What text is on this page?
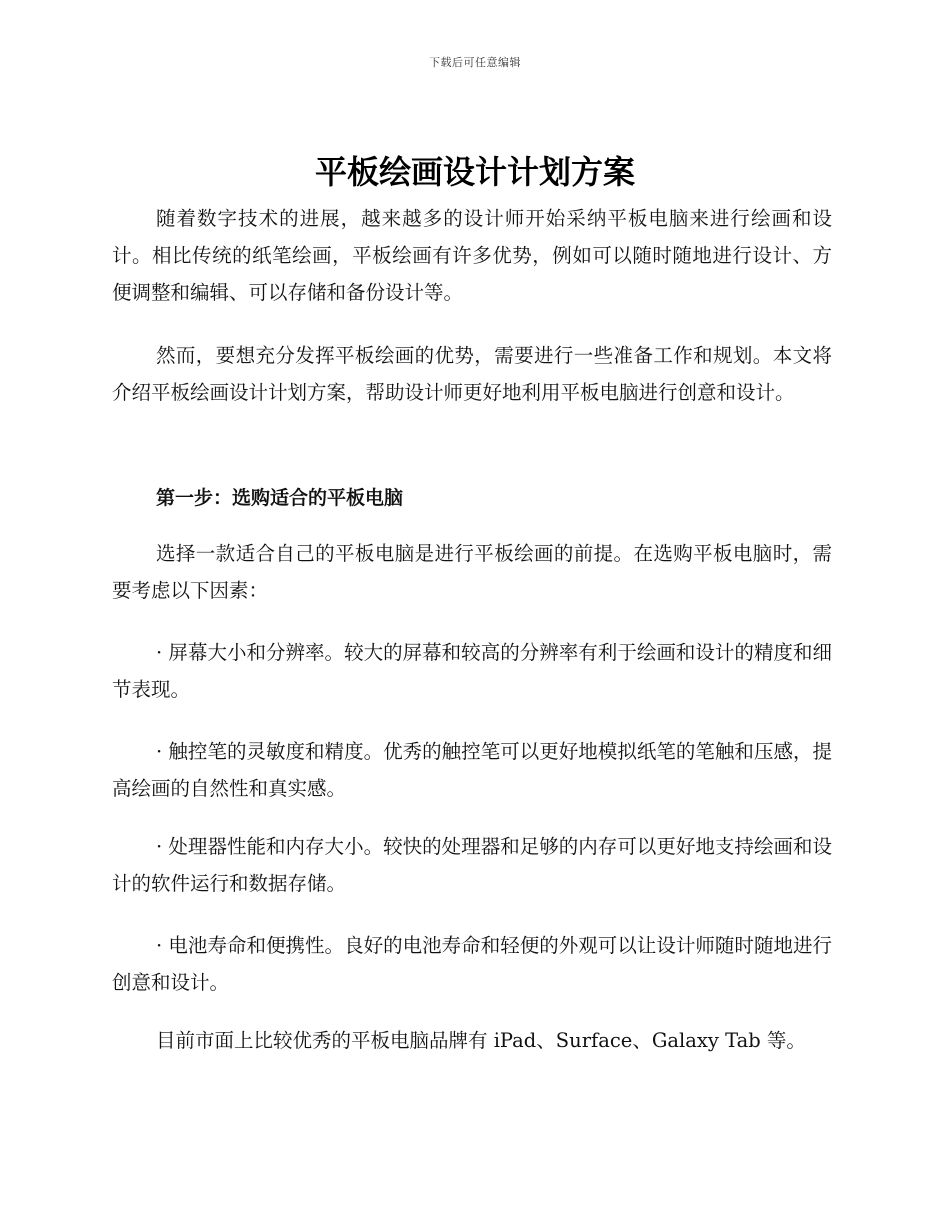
下载后可任意编辑
平板绘画设计计划方案

随着数字技术的进展，越来越多的设计师开始采纳平板电脑来进行绘画和设计。相比传统的纸笔绘画，平板绘画有许多优势，例如可以随时随地进行设计、方便调整和编辑、可以存储和备份设计等。

然而，要想充分发挥平板绘画的优势，需要进行一些准备工作和规划。本文将介绍平板绘画设计计划方案，帮助设计师更好地利用平板电脑进行创意和设计。

第一步：选购适合的平板电脑

选择一款适合自己的平板电脑是进行平板绘画的前提。在选购平板电脑时，需要考虑以下因素：

· 屏幕大小和分辨率。较大的屏幕和较高的分辨率有利于绘画和设计的精度和细节表现。

· 触控笔的灵敏度和精度。优秀的触控笔可以更好地模拟纸笔的笔触和压感，提高绘画的自然性和真实感。

· 处理器性能和内存大小。较快的处理器和足够的内存可以更好地支持绘画和设计的软件运行和数据存储。

· 电池寿命和便携性。良好的电池寿命和轻便的外观可以让设计师随时随地进行创意和设计。

目前市面上比较优秀的平板电脑品牌有 iPad、Surface、Galaxy Tab 等。
